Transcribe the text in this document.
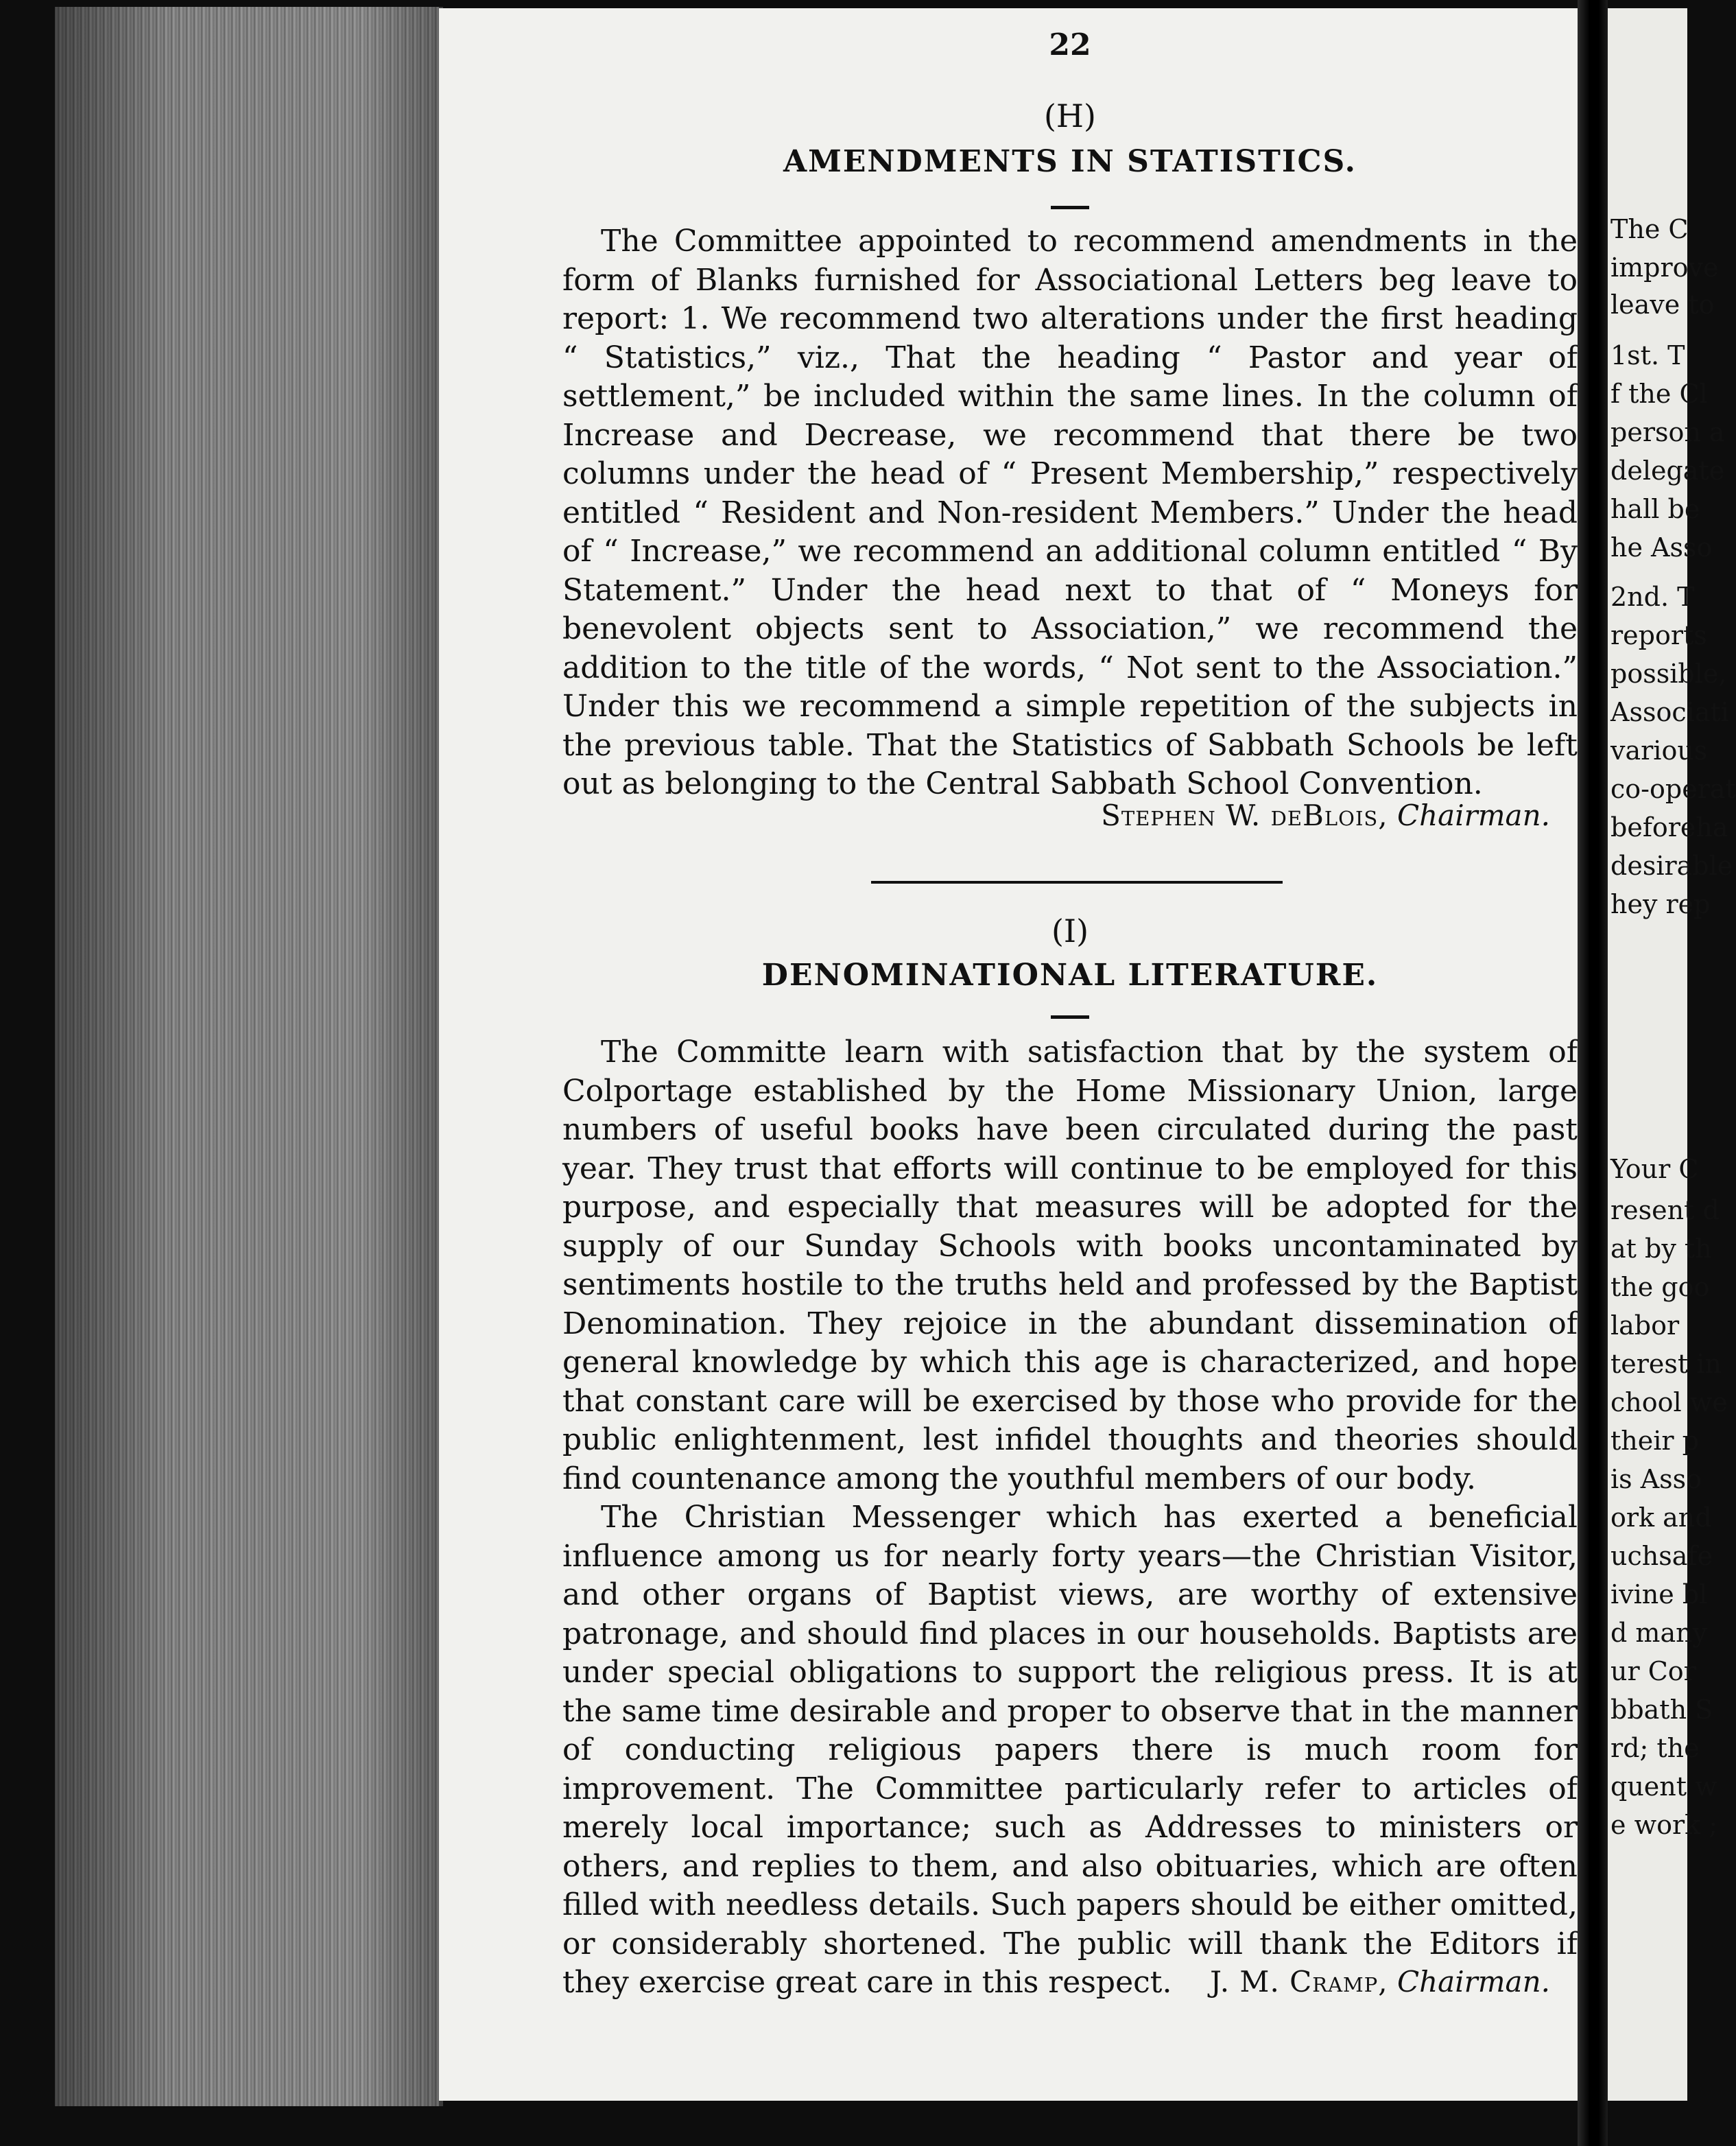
22
(H)
AMENDMENTS IN STATISTICS.

The Committee appointed to recommend amendments in the form of Blanks furnished for Associational Letters beg leave to report: 1. We recommend two alterations under the first heading “ Statistics,” viz., That the heading “ Pastor and year of settlement,” be included within the same lines. In the column of Increase and Decrease, we recommend that there be two columns under the head of “ Present Membership,” respectively entitled “ Resident and Non-resident Members.” Under the head of “ Increase,” we recommend an additional column entitled “ By Statement.” Under the head next to that of “ Moneys for benevolent objects sent to Association,” we recommend the addition to the title of the words, “ Not sent to the Association.” Under this we recommend a simple repetition of the subjects in the previous table. That the Statistics of Sabbath Schools be left out as belonging to the Central Sabbath School Convention.

Stephen W. deBlois, Chairman.
(I)
DENOMINATIONAL LITERATURE.

The Committe learn with satisfaction that by the system of Colportage established by the Home Missionary Union, large numbers of useful books have been circulated during the past year. They trust that efforts will continue to be employed for this purpose, and especially that measures will be adopted for the supply of our Sunday Schools with books uncontaminated by sentiments hostile to the truths held and professed by the Baptist Denomination. They rejoice in the abundant dissemination of general knowledge by which this age is characterized, and hope that constant care will be exercised by those who provide for the public enlightenment, lest infidel thoughts and theories should find countenance among the youthful members of our body.

The Christian Messenger which has exerted a beneficial influence among us for nearly forty years—the Christian Visitor, and other organs of Baptist views, are worthy of extensive patronage, and should find places in our households. Baptists are under special obligations to support the religious press. It is at the same time desirable and proper to observe that in the manner of conducting religious papers there is much room for improvement. The Committee particularly refer to articles of merely local importance; such as Addresses to ministers or others, and replies to them, and also obituaries, which are often filled with needless details. Such papers should be either omitted, or considerably shortened. The public will thank the Editors if they exercise great care in this respect.	J. M. Cramp, Chairman.
The C
improve
leave to
1st. T
f the Cl
person a
delegate
hall be
he Asso
2nd. T
reports
possible,
Associati
various
co-operat
beforeha
desirable
hey rep
Your C
resent d
at by th
the goo
labor
terest in
chool we
their p
is Asso
ork and
uchsafe
ivine bl
d many
ur Cor
bbath S
rd; the
quent w
e work ;
